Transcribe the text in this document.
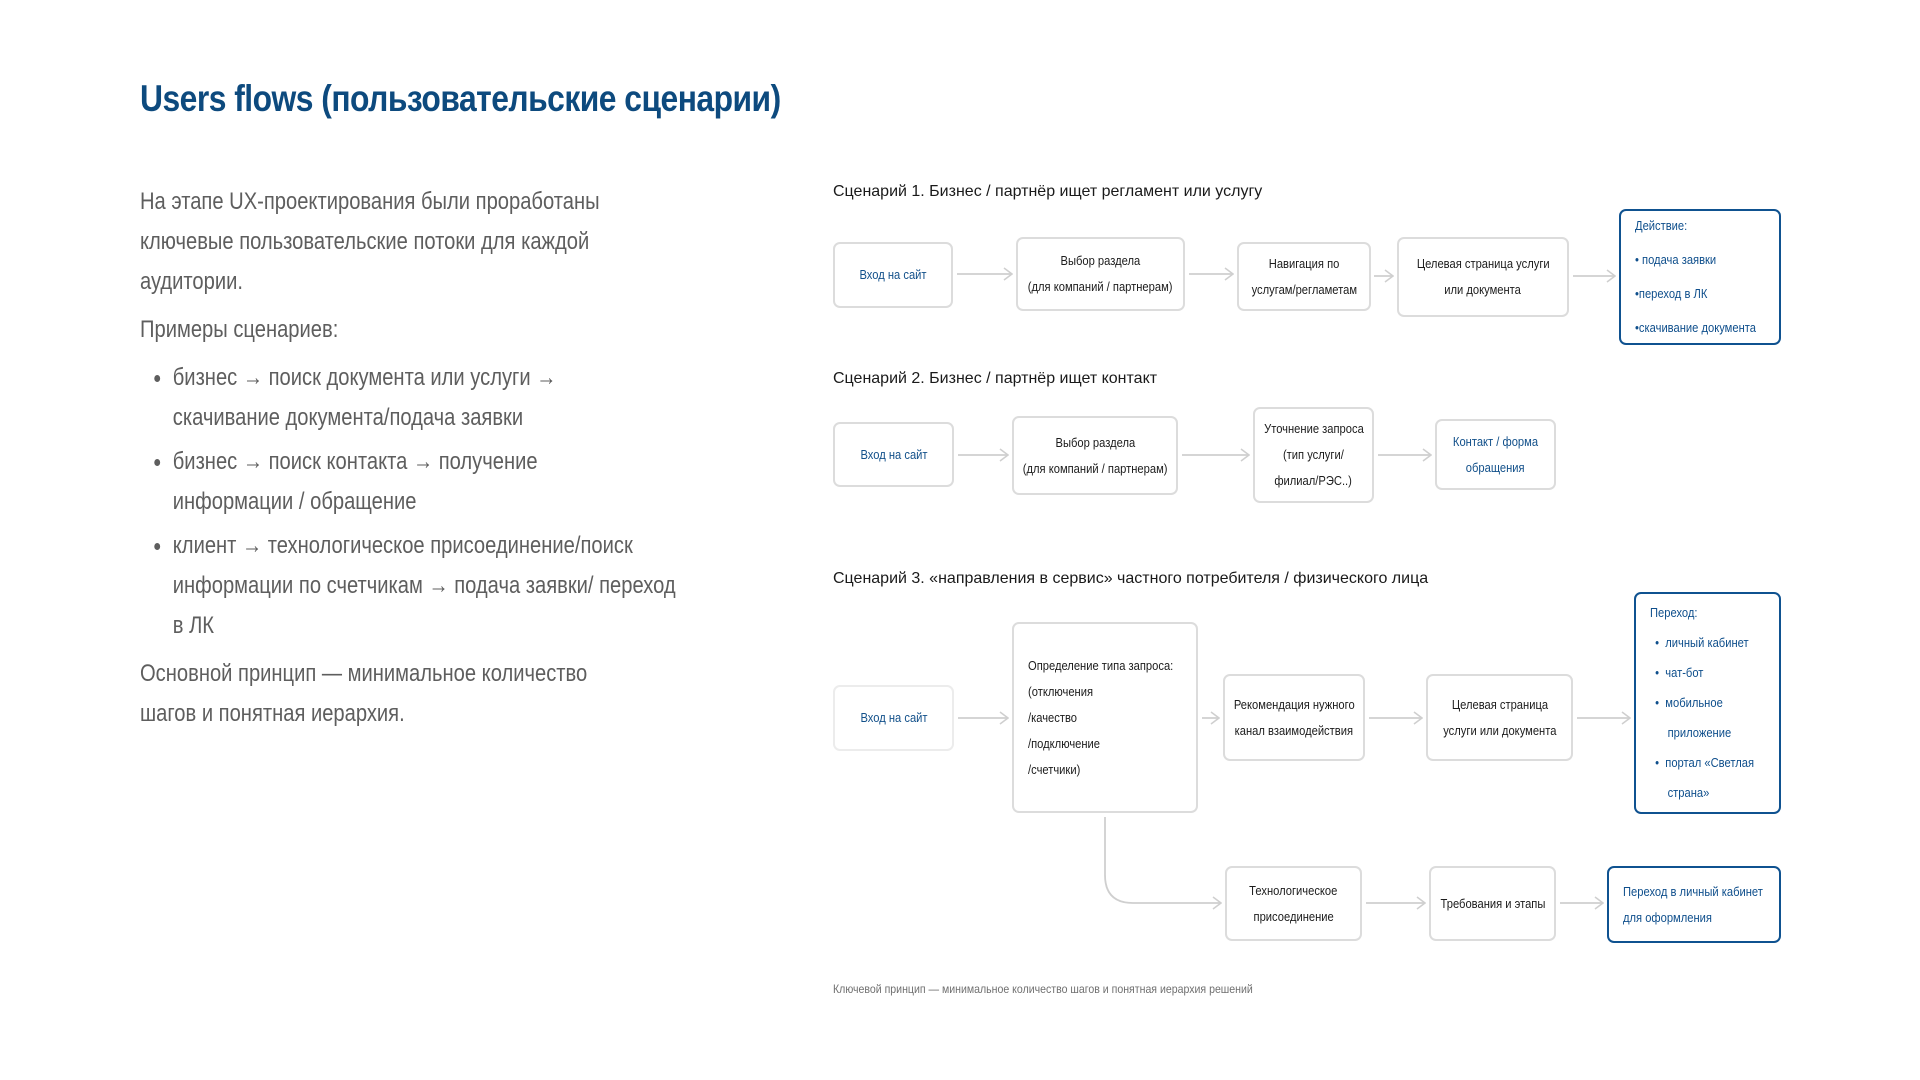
Users flows (пользовательские сценарии)

На этапе UX-проектирования были проработаны ключевые пользовательские потоки для каждой аудитории.

Примеры сценариев:

бизнес → поиск документа или услуги → скачивание документа/подача заявки
бизнес → поиск контакта → получение информации / обращение
клиент → технологическое присоединение/поиск информации по счетчикам → подача заявки/ переход в ЛК

Основной принцип — минимальное количество шагов и понятная иерархия.

Сценарий 1. Бизнес / партнёр ищет регламент или услугу
Вход на сайт
Выбор раздела
(для компаний / партнерам)
Навигация по
услугам/регламетам
Целевая страница услуги
или документа
Действие:
• подача заявки
•переход в ЛК
•скачивание документа
Сценарий 2. Бизнес / партнёр ищет контакт
Вход на сайт
Выбор раздела
(для компаний / партнерам)
Уточнение запроса
(тип услуги/
филиал/РЭС..)
Контакт / форма
обращения
Сценарий 3. «направления в сервис» частного потребителя / физического лица
Вход на сайт
Определение типа запроса:
(отключения
/качество
/подключение
/счетчики)
Рекомендация нужного
канал взаимодействия
Целевая страница
услуги или документа
Переход:
•  личный кабинет
•  чат-бот
•  мобильное
приложение
•  портал «Светлая
страна»
Технологическое
присоединение
Требования и этапы
Переход в личный кабинет
для оформления
Ключевой принцип — минимальное количество шагов и понятная иерархия решений
